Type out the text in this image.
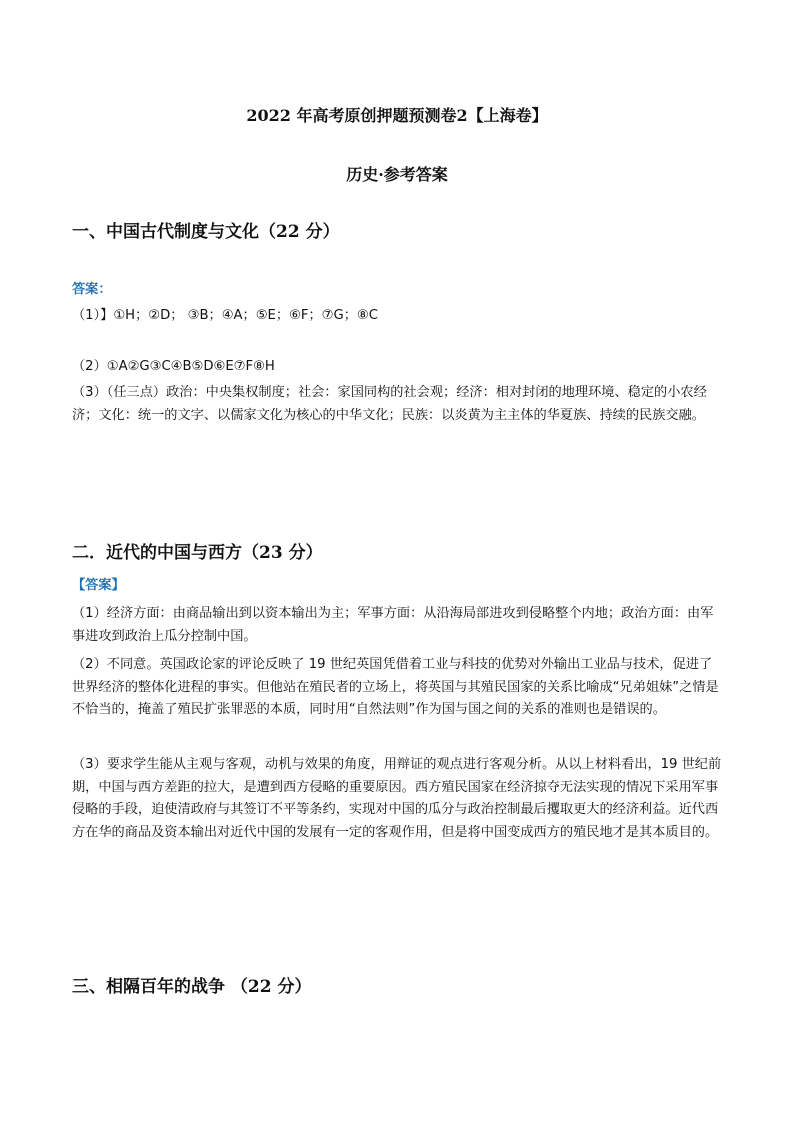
2022 年高考原创押题预测卷2【上海卷】
历史·参考答案
一、中国古代制度与文化（22 分）
答案：

（1）】①H；②D； ③B；④A；⑤E；⑥F；⑦G；⑧C

（2）①A②G③C④B⑤D⑥E⑦F⑧H

（3）（任三点）政治：中央集权制度；社会：家国同构的社会观；经济：相对封闭的地理环境、稳定的小农经济；文化：统一的文字、以儒家文化为核心的中华文化；民族：以炎黄为主主体的华夏族、持续的民族交融。

二．近代的中国与西方（23 分）
【答案】

（1）经济方面：由商品输出到以资本输出为主；军事方面：从沿海局部进攻到侵略整个内地；政治方面：由军事进攻到政治上瓜分控制中国。

（2）不同意。英国政论家的评论反映了 19 世纪英国凭借着工业与科技的优势对外输出工业品与技术，促进了世界经济的整体化进程的事实。但他站在殖民者的立场上，将英国与其殖民国家的关系比喻成“兄弟姐妹”之情是不恰当的，掩盖了殖民扩张罪恶的本质，同时用“自然法则”作为国与国之间的关系的准则也是错误的。

（3）要求学生能从主观与客观，动机与效果的角度，用辩证的观点进行客观分析。从以上材料看出，19 世纪前期，中国与西方差距的拉大，是遭到西方侵略的重要原因。西方殖民国家在经济掠夺无法实现的情况下采用军事侵略的手段，迫使清政府与其签订不平等条约，实现对中国的瓜分与政治控制最后攫取更大的经济利益。近代西方在华的商品及资本输出对近代中国的发展有一定的客观作用，但是将中国变成西方的殖民地才是其本质目的。

三、相隔百年的战争 （22 分）
